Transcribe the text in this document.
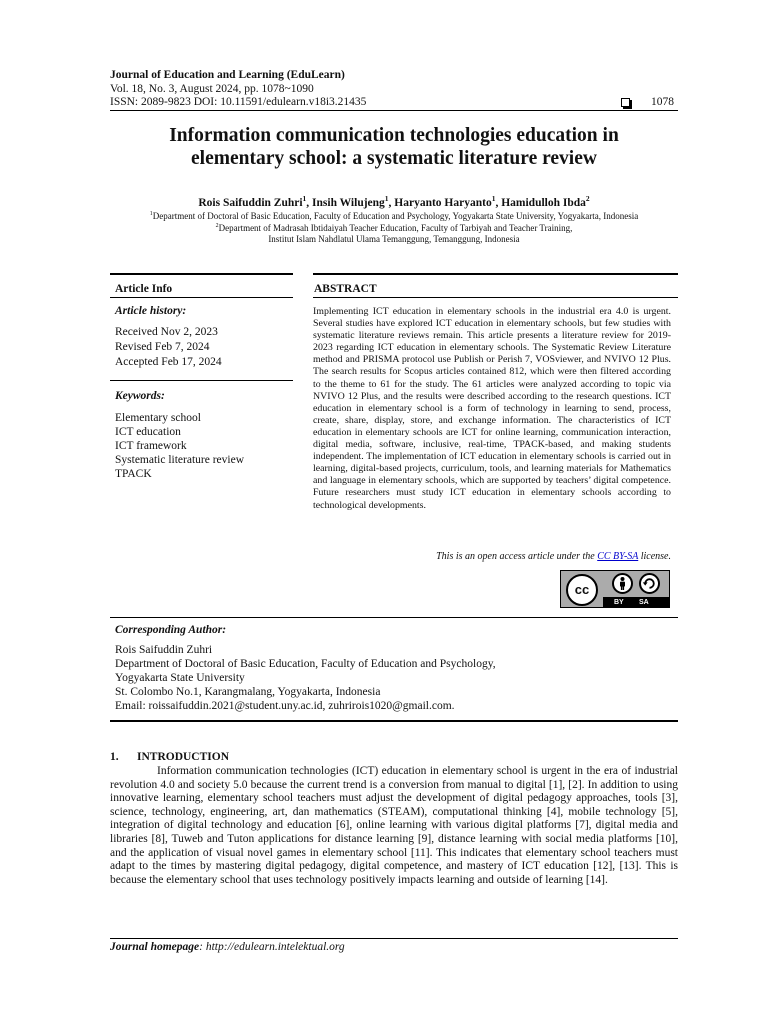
Journal of Education and Learning (EduLearn)
Vol. 18, No. 3, August 2024, pp. 1078~1090
ISSN: 2089-9823 DOI: 10.11591/edulearn.v18i3.21435	1078
Information communication technologies education in
elementary school: a systematic literature review
Rois Saifuddin Zuhri$^1$, Insih Wilujeng$^1$, Haryanto Haryanto$^1$, Hamidulloh Ibda$^2$
$^1$Department of Doctoral of Basic Education, Faculty of Education and Psychology, Yogyakarta State University, Yogyakarta, Indonesia
$^2$Department of Madrasah Ibtidaiyah Teacher Education, Faculty of Tarbiyah and Teacher Training,
Institut Islam Nahdlatul Ulama Temanggung, Temanggung, Indonesia
Article Info	ABSTRACT
Article history:
Received Nov 2, 2023
Revised Feb 7, 2024
Accepted Feb 17, 2024
Keywords:
Elementary school
ICT education
ICT framework
Systematic literature review
TPACK
Implementing ICT education in elementary schools in the industrial era 4.0 is urgent. Several studies have explored ICT education in elementary schools, but few studies with systematic literature reviews remain. This article presents a literature review for 2019-2023 regarding ICT education in elementary schools. The Systematic Review Literature method and PRISMA protocol use Publish or Perish 7, VOSviewer, and NVIVO 12 Plus. The search results for Scopus articles contained 812, which were then filtered according to the theme to 61 for the study. The 61 articles were analyzed according to topic via NVIVO 12 Plus, and the results were described according to the research questions. ICT education in elementary school is a form of technology in learning to send, process, create, share, display, store, and exchange information. The characteristics of ICT education in elementary schools are ICT for online learning, communication interaction, digital media, software, inclusive, real-time, TPACK-based, and making students independent. The implementation of ICT education in elementary schools is carried out in learning, digital-based projects, curriculum, tools, and learning materials for Mathematics and language in elementary schools, which are supported by teachers’ digital competence. Future researchers must study ICT education in elementary schools according to technological developments.
This is an open access article under the CC BY-SA license.
cc
BY SA
Corresponding Author:
Rois Saifuddin Zuhri
Department of Doctoral of Basic Education, Faculty of Education and Psychology,
Yogyakarta State University
St. Colombo No.1, Karangmalang, Yogyakarta, Indonesia
Email: roissaifuddin.2021@student.uny.ac.id, zuhrirois1020@gmail.com.
1. INTRODUCTION
Information communication technologies (ICT) education in elementary school is urgent in the era of industrial revolution 4.0 and society 5.0 because the current trend is a conversion from manual to digital [1], [2]. In addition to using innovative learning, elementary school teachers must adjust the development of digital pedagogy approaches, tools [3], science, technology, engineering, art, dan mathematics (STEAM), computational thinking [4], mobile technology [5], integration of digital technology and education [6], online learning with various digital platforms [7], digital media and libraries [8], Tuweb and Tuton applications for distance learning [9], distance learning with social media platforms [10], and the application of visual novel games in elementary school [11]. This indicates that elementary school teachers must adapt to the times by mastering digital pedagogy, digital competence, and mastery of ICT education [12], [13]. This is because the elementary school that uses technology positively impacts learning and outside of learning [14].
Journal homepage: http://edulearn.intelektual.org
